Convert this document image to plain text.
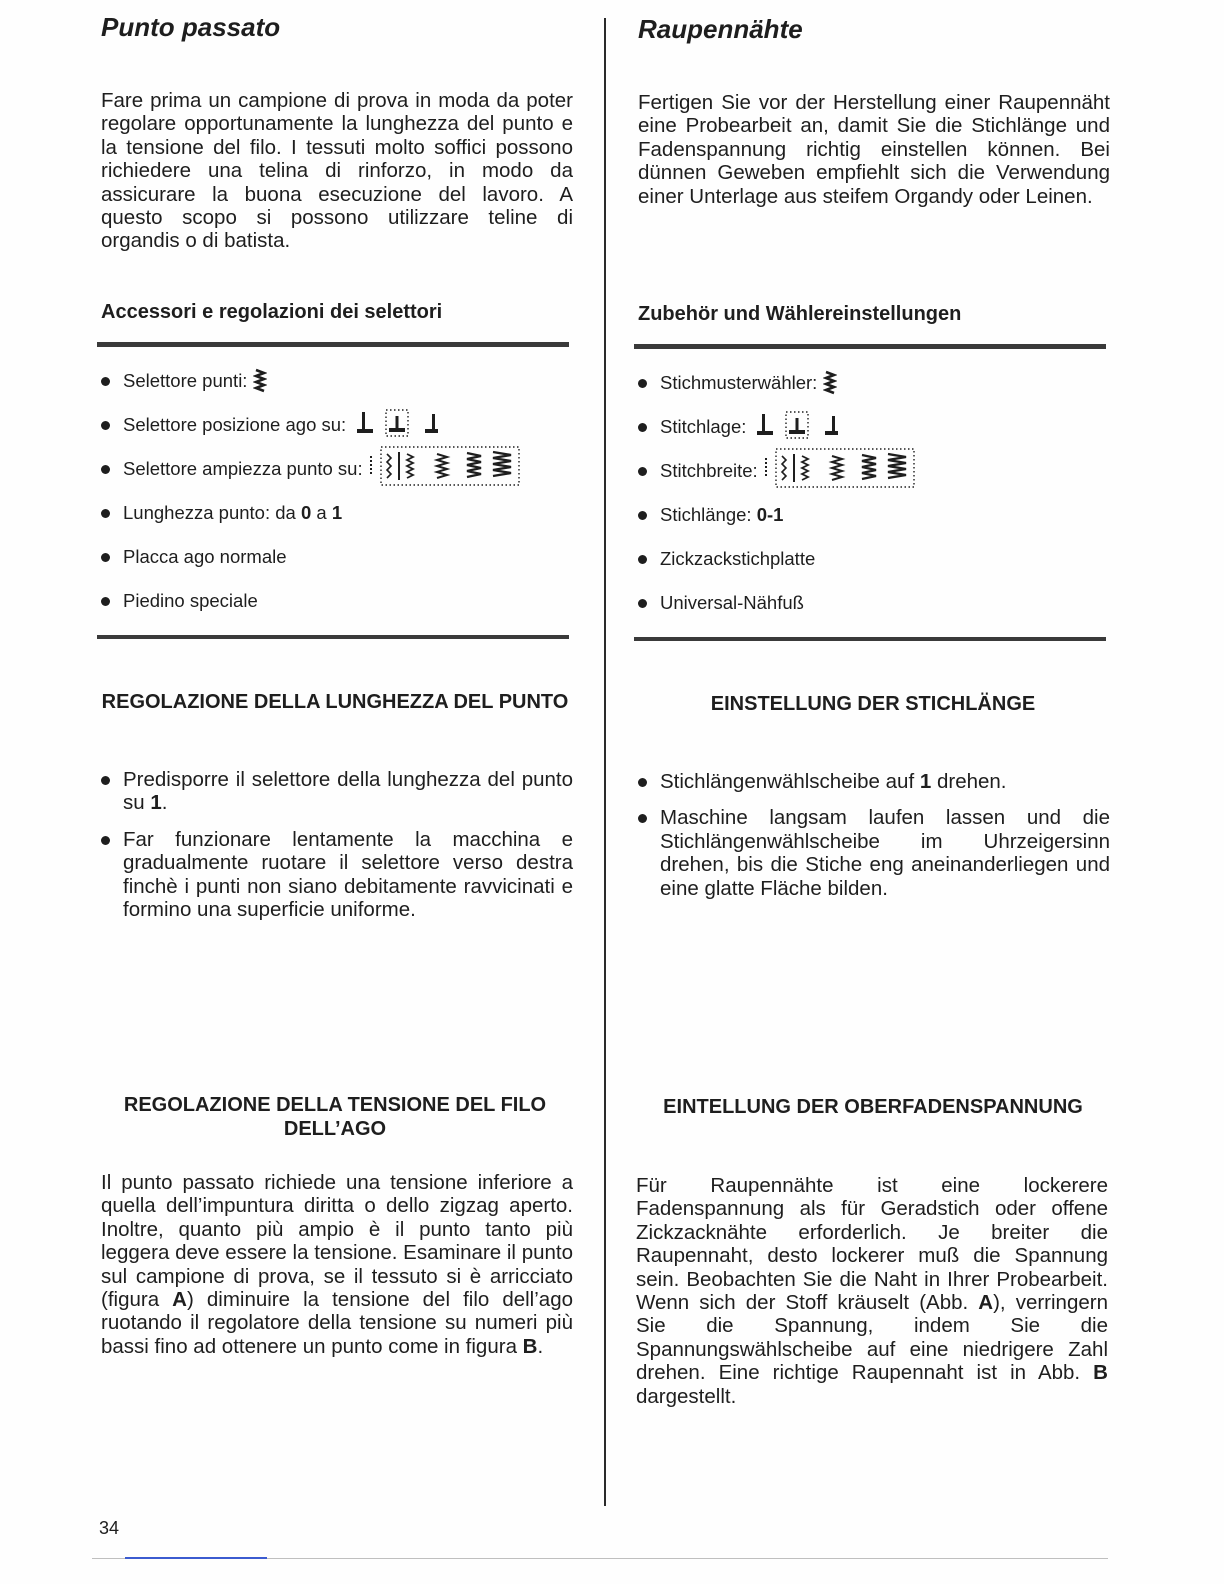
Punto passato

Fare prima un campione di prova in moda da poter regolare opportunamente la lunghezza del punto e la tensione del filo. I tessuti molto soffici possono richiedere una telina di rinforzo, in modo da assicurare la buona esecuzione del lavoro. A questo scopo si possono utilizzare teline di organdis o di batista.

Accessori e regolazioni dei selettori
Selettore punti:
Selettore posizione ago su:
Selettore ampiezza punto su:
Lunghezza punto: da
0
a
1
Placca ago normale
Piedino speciale
REGOLAZIONE DELLA LUNGHEZZA DEL PUNTO
Predisporre il selettore della lunghezza del punto su 1.
Far funzionare lentamente la macchina e gradualmente ruotare il selettore verso destra finchè i punti non siano debitamente ravvicinati e formino una superficie uniforme.
REGOLAZIONE DELLA TENSIONE DEL FILO DELL’AGO

Il punto passato richiede una tensione inferiore a quella dell’impuntura diritta o dello zigzag aperto. Inoltre, quanto più ampio è il punto tanto più leggera deve essere la tensione. Esaminare il punto sul campione di prova, se il tessuto si è arricciato (figura A) diminuire la tensione del filo dell’ago ruotando il regolatore della tensione su numeri più bassi fino ad ottenere un punto come in figura B.

Raupennähte

Fertigen Sie vor der Herstellung einer Raupennäht eine Probearbeit an, damit Sie die Stichlänge und Fadenspannung richtig einstellen können. Bei dünnen Geweben empfiehlt sich die Verwendung einer Unterlage aus steifem Organdy oder Leinen.

Zubehör und Wählereinstellungen
Stichmusterwähler:
Stitchlage:
Stitchbreite:
Stichlänge:
0-1
Zickzackstichplatte
Universal-Nähfuß
EINSTELLUNG DER STICHLÄNGE
Stichlängenwählscheibe auf 1 drehen.
Maschine langsam laufen lassen und die Stichlängenwählscheibe im Uhrzeigersinn drehen, bis die Stiche eng aneinanderliegen und eine glatte Fläche bilden.
EINTELLUNG DER OBERFADENSPANNUNG

Für Raupennähte ist eine lockerere Fadenspannung als für Geradstich oder offene Zickzacknähte erforderlich. Je breiter die Raupennaht, desto lockerer muß die Spannung sein. Beobachten Sie die Naht in Ihrer Probearbeit. Wenn sich der Stoff kräuselt (Abb. A), verringern Sie die Spannung, indem Sie die Spannungswählscheibe auf eine niedrigere Zahl drehen. Eine richtige Raupennaht ist in Abb. B dargestellt.

34
